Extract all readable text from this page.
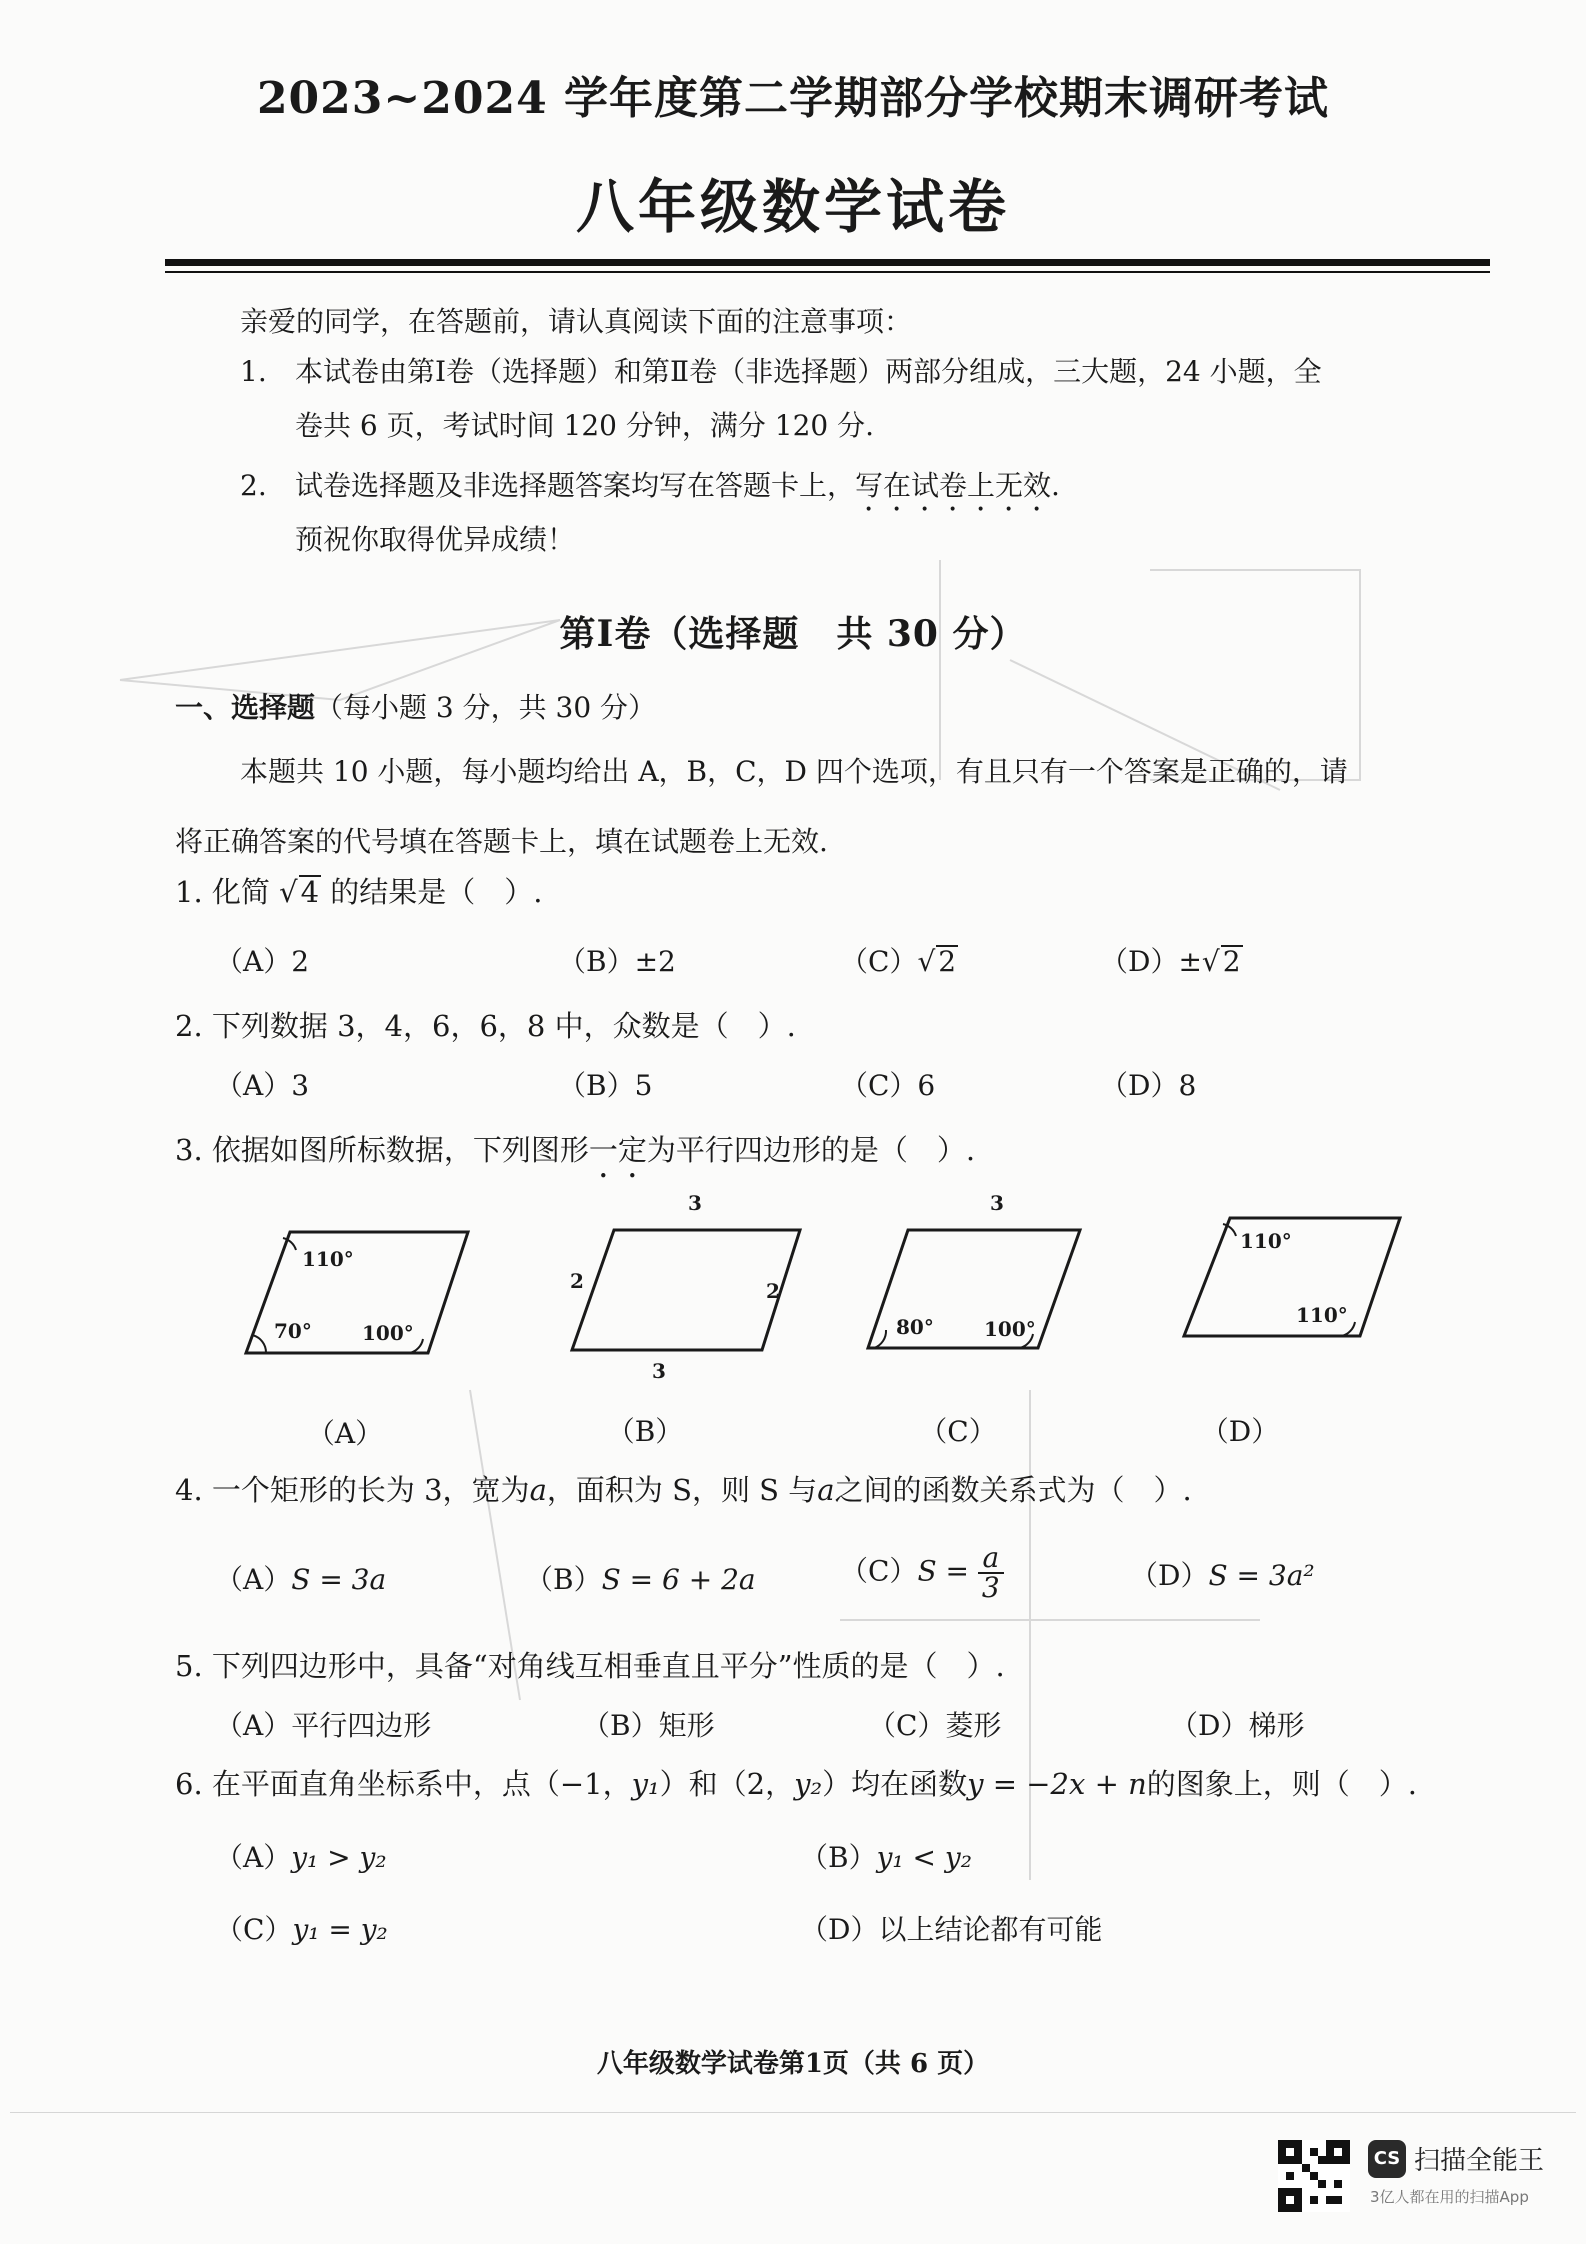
2023~2024 学年度第二学期部分学校期末调研考试
八年级数学试卷
亲爱的同学，在答题前，请认真阅读下面的注意事项：
1. 本试卷由第Ⅰ卷（选择题）和第Ⅱ卷（非选择题）两部分组成，三大题，24 小题，全
卷共 6 页，考试时间 120 分钟，满分 120 分.
2. 试卷选择题及非选择题答案均写在答题卡上，写在试卷上无效.
预祝你取得优异成绩！
第Ⅰ卷（选择题　共 30 分）
一、选择题（每小题 3 分，共 30 分）
本题共 10 小题，每小题均给出 A，B，C，D 四个选项，有且只有一个答案是正确的，请
将正确答案的代号填在答题卡上，填在试题卷上无效.
1. 化简 √ 4 的结果是（　）.
（A）2	（B）±2	（C）√ 2	（D）±√ 2
2. 下列数据 3，4，6，6，8 中，众数是（　）.
（A）3	（B）5	（C）6	（D）8
3. 依据如图所标数据，下列图形一定为平行四边形的是（　）.
110°
70°	100°
3
2	2
3
3
80°	100°
110°
110°
（A）	（B）	（C）	（D）
4. 一个矩形的长为 3，宽为a，面积为 S，则 S 与a之间的函数关系式为（　）.
（A）S = 3a	（B）S = 6 + 2a	$(C)S = \frac{a}{3}$	（D）S = 3a²
5. 下列四边形中，具备“对角线互相垂直且平分”性质的是（　）.
（A）平行四边形	（B）矩形	（C）菱形	（D）梯形
6. 在平面直角坐标系中，点（−1，y₁）和（2，y₂）均在函数y = −2x + n的图象上，则（　）.
（A）y₁ > y₂	（B）y₁ < y₂
（C）y₁ = y₂	（D）以上结论都有可能
八年级数学试卷第1页（共 6 页）
CS 扫描全能王
3亿人都在用的扫描App
